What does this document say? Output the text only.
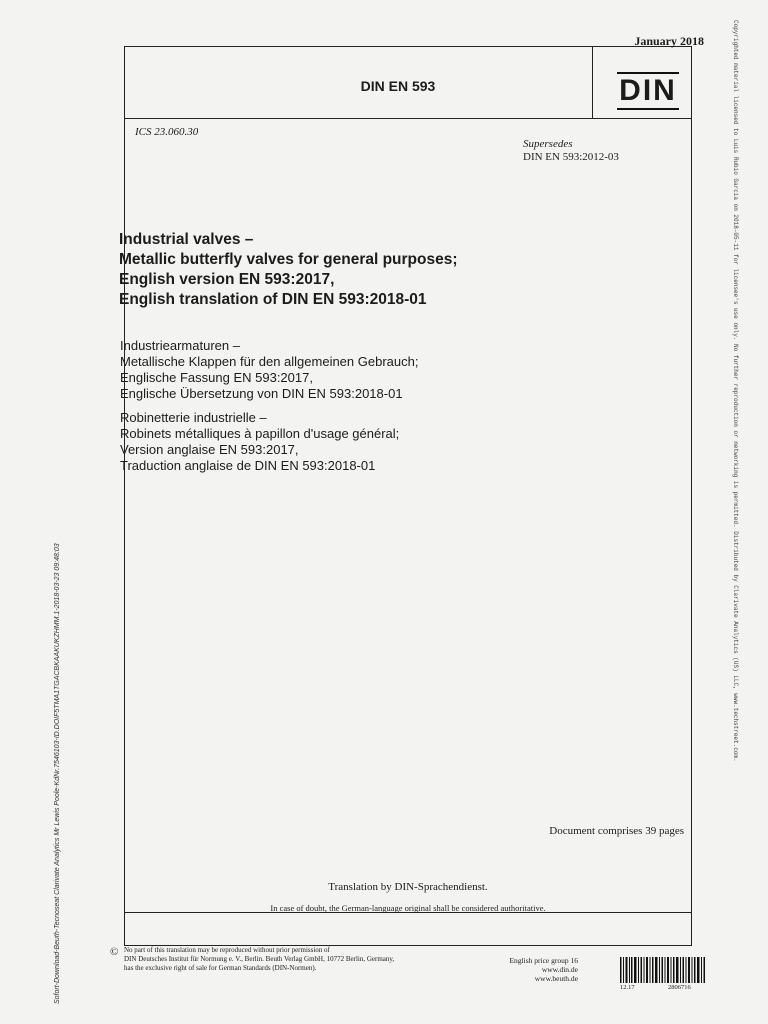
January 2018
DIN EN 593	DIN
ICS 23.060.30
Supersedes
DIN EN 593:2012-03
Industrial valves –
Metallic butterfly valves for general purposes;
English version EN 593:2017,
English translation of DIN EN 593:2018-01
Industriearmaturen –
Metallische Klappen für den allgemeinen Gebrauch;
Englische Fassung EN 593:2017,
Englische Übersetzung von DIN EN 593:2018-01
Robinetterie industrielle –
Robinets métalliques à papillon d'usage général;
Version anglaise EN 593:2017,
Traduction anglaise de DIN EN 593:2018-01
Document comprises 39 pages
Translation by DIN-Sprachendienst.
In case of doubt, the German-language original shall be considered authoritative.
© No part of this translation may be reproduced without prior permission of
DIN Deutsches Institut für Normung e. V., Berlin. Beuth Verlag GmbH, 10772 Berlin, Germany,
has the exclusive right of sale for German Standards (DIN-Normen).
English price group 16
www.din.de
www.beuth.de
12.17	2806716
Sofort-Download-Beuth-Tecnoseat Clarivate Analytics Mr Lewis Poole-KdNr.7546103-ID.DOIF5TMA1TGACBKAAKUKZHMM.1-2018-03-23 09:48:03
Copyrighted material licensed to Luis Rubio Garcia on 2018-05-11 for licensee's use only. No further reproduction or networking is permitted. Distributed by Clarivate Analytics (US) LLC, www.techstreet.com.
